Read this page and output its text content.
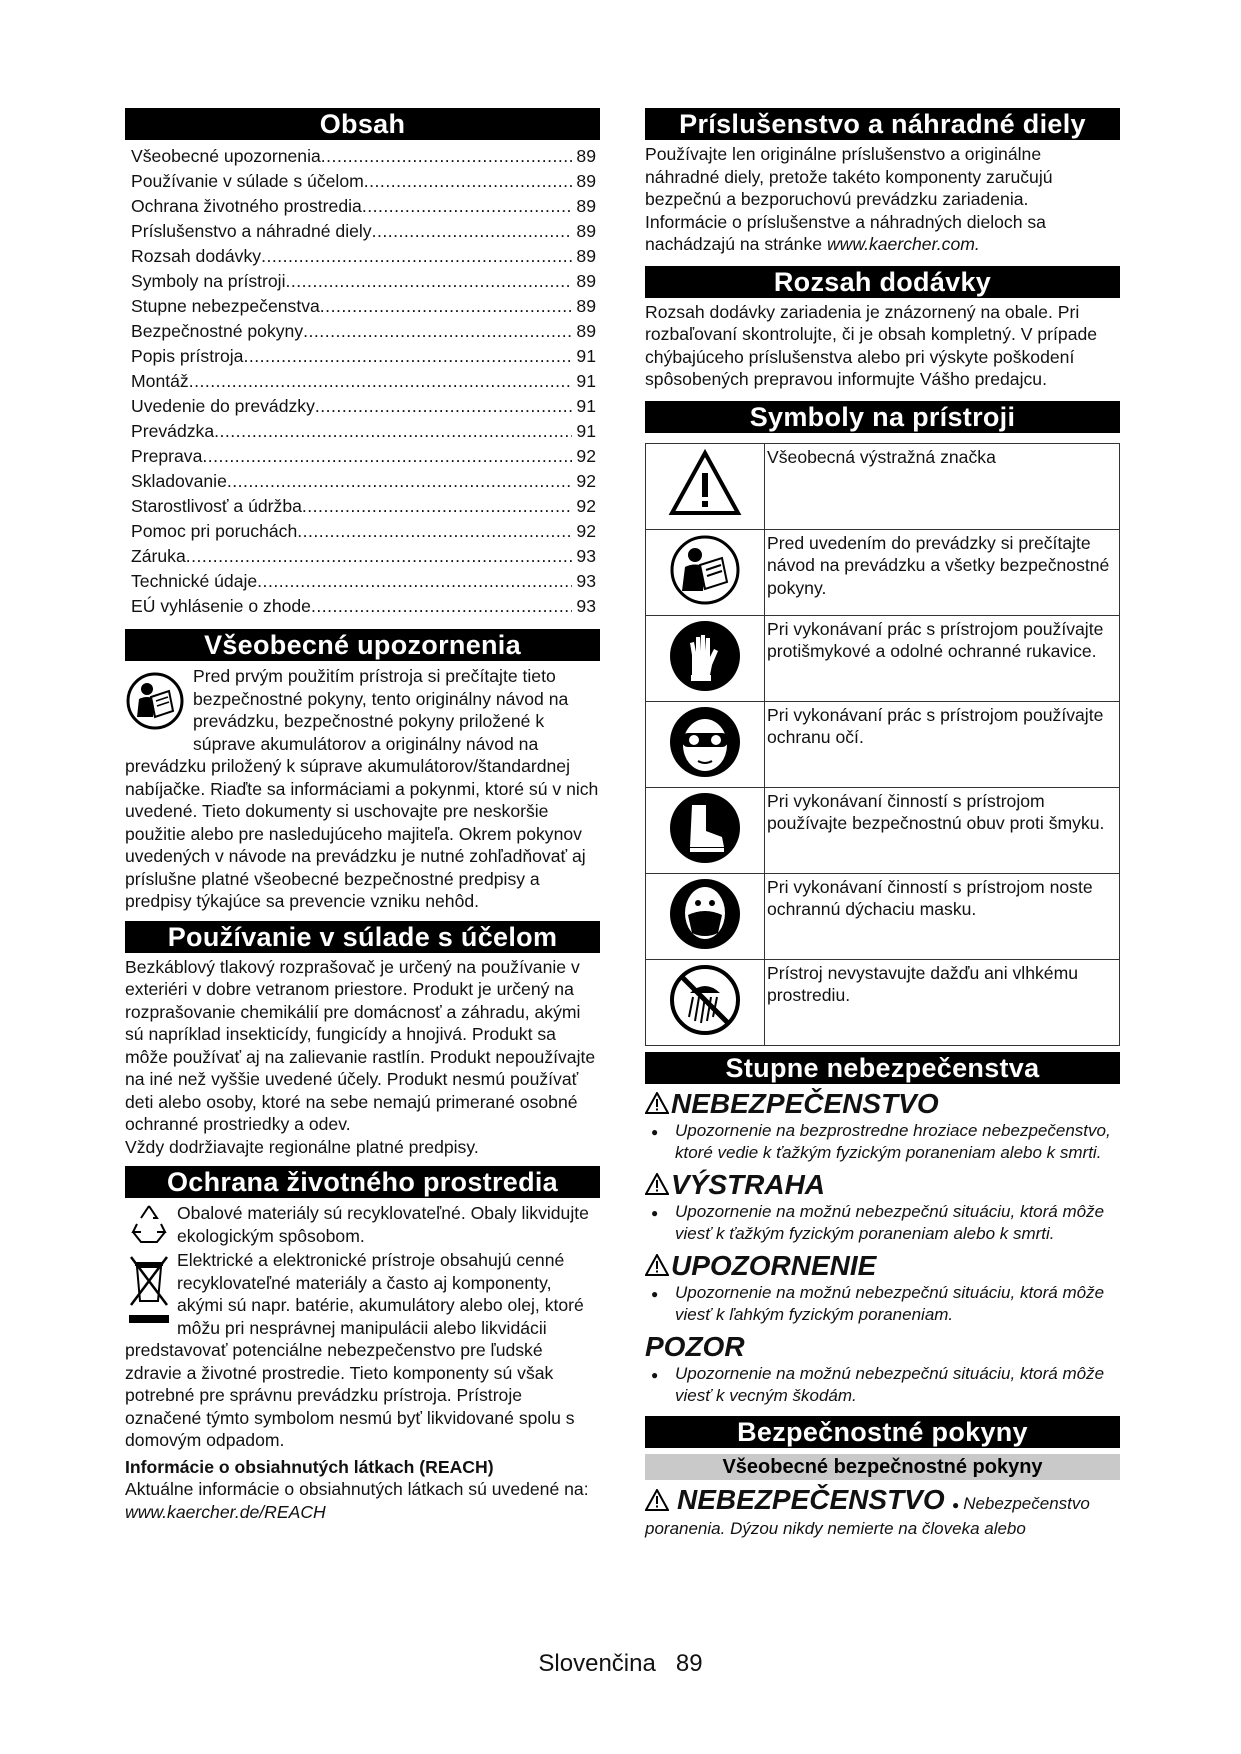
Obsah
Všeobecné upozornenia .....	89
Používanie v súlade s účelom .....	89
Ochrana životného prostredia .....	89
Príslušenstvo a náhradné diely .....	89
Rozsah dodávky .....	89
Symboly na prístroji .....	89
Stupne nebezpečenstva .....	89
Bezpečnostné pokyny .....	89
Popis prístroja .....	91
Montáž .....	91
Uvedenie do prevádzky .....	91
Prevádzka .....	91
Preprava .....	92
Skladovanie .....	92
Starostlivosť a údržba .....	92
Pomoc pri poruchách .....	92
Záruka .....	93
Technické údaje .....	93
EÚ vyhlásenie o zhode .....	93
Všeobecné upozornenia

Pred prvým použitím prístroja si prečítajte tieto bezpečnostné pokyny, tento originálny návod na prevádzku, bezpečnostné pokyny priložené k súprave akumulátorov a originálny návod na prevádzku priložený k súprave akumulátorov/štandardnej nabíjačke. Riaďte sa informáciami a pokynmi, ktoré sú v nich uvedené. Tieto dokumenty si uschovajte pre neskoršie použitie alebo pre nasledujúceho majiteľa. Okrem pokynov uvedených v návode na prevádzku je nutné zohľadňovať aj príslušne platné všeobecné bezpečnostné predpisy a predpisy týkajúce sa prevencie vzniku nehôd.

Používanie v súlade s účelom

Bezkáblový tlakový rozprašovač je určený na používanie v exteriéri v dobre vetranom priestore. Produkt je určený na rozprašovanie chemikálií pre domácnosť a záhradu, akými sú napríklad insekticídy, fungicídy a hnojivá. Produkt sa môže používať aj na zalievanie rastlín. Produkt nepoužívajte na iné než vyššie uvedené účely. Produkt nesmú používať deti alebo osoby, ktoré na sebe nemajú primerané osobné ochranné prostriedky a odev.

Vždy dodržiavajte regionálne platné predpisy.

Ochrana životného prostredia

Obalové materiály sú recyklovateľné. Obaly likvidujte ekologickým spôsobom.

Elektrické a elektronické prístroje obsahujú cenné recyklovateľné materiály a často aj komponenty, akými sú napr. batérie, akumulátory alebo olej, ktoré môžu pri nesprávnej manipulácii alebo likvidácii predstavovať potenciálne nebezpečenstvo pre ľudské zdravie a životné prostredie. Tieto komponenty sú však potrebné pre správnu prevádzku prístroja. Prístroje označené týmto symbolom nesmú byť likvidované spolu s domovým odpadom.

Informácie o obsiahnutých látkach (REACH)

Aktuálne informácie o obsiahnutých látkach sú uvedené na: www.kaercher.de/REACH

Príslušenstvo a náhradné diely

Používajte len originálne príslušenstvo a originálne náhradné diely, pretože takéto komponenty zaručujú bezpečnú a bezporuchovú prevádzku zariadenia.

Informácie o príslušenstve a náhradných dieloch sa nachádzajú na stránke www.kaercher.com.

Rozsah dodávky

Rozsah dodávky zariadenia je znázornený na obale. Pri rozbaľovaní skontrolujte, či je obsah kompletný. V prípade chýbajúceho príslušenstva alebo pri výskyte poškodení spôsobených prepravou informujte Vášho predajcu.

Symboly na prístroji
	Všeobecná výstražná značka
	Pred uvedením do prevádzky si prečítajte návod na prevádzku a všetky bezpečnostné pokyny.
	Pri vykonávaní prác s prístrojom používajte protišmykové a odolné ochranné rukavice.
	Pri vykonávaní prác s prístrojom používajte ochranu očí.
	Pri vykonávaní činností s prístrojom používajte bezpečnostnú obuv proti šmyku.
	Pri vykonávaní činností s prístrojom noste ochrannú dýchaciu masku.
	Prístroj nevystavujte dažďu ani vlhkému prostrediu.
Stupne nebezpečenstva
NEBEZPEČENSTVO
● Upozornenie na bezprostredne hroziace nebezpečenstvo, ktoré vedie k ťažkým fyzickým poraneniam alebo k smrti.
VÝSTRAHA
● Upozornenie na možnú nebezpečnú situáciu, ktorá môže viesť k ťažkým fyzickým poraneniam alebo k smrti.
UPOZORNENIE
● Upozornenie na možnú nebezpečnú situáciu, ktorá môže viesť k ľahkým fyzickým poraneniam.
POZOR
● Upozornenie na možnú nebezpečnú situáciu, ktorá môže viesť k vecným škodám.
Bezpečnostné pokyny
Všeobecné bezpečnostné pokyny
NEBEZPEČENSTVO ● Nebezpečenstvo poranenia. Dýzou nikdy nemierte na človeka alebo
Slovenčina 89
